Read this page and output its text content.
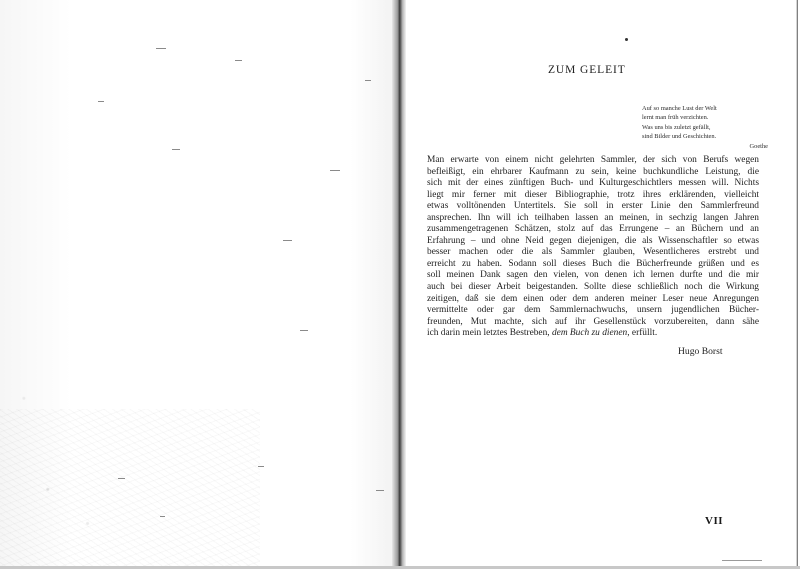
ZUM GELEIT
Auf so manche Lust der Welt
lernt man früh verzichten.
Was uns bis zuletzt gefällt,
sind Bilder und Geschichten.
Goethe
Man erwarte von einem nicht gelehrten Sammler, der sich von Berufs wegen
befleißigt, ein ehrbarer Kaufmann zu sein, keine buchkundliche Leistung, die
sich mit der eines zünftigen Buch- und Kulturgeschichtlers messen will. Nichts
liegt mir ferner mit dieser Bibliographie, trotz ihres erklärenden, vielleicht
etwas volltönenden Untertitels. Sie soll in erster Linie den Sammlerfreund
ansprechen. Ihn will ich teilhaben lassen an meinen, in sechzig langen Jahren
zusammengetragenen Schätzen, stolz auf das Errungene – an Büchern und an
Erfahrung – und ohne Neid gegen diejenigen, die als Wissenschaftler so etwas
besser machen oder die als Sammler glauben, Wesentlicheres erstrebt und
erreicht zu haben. Sodann soll dieses Buch die Bücherfreunde grüßen und es
soll meinen Dank sagen den vielen, von denen ich lernen durfte und die mir
auch bei dieser Arbeit beigestanden. Sollte diese schließlich noch die Wirkung
zeitigen, daß sie dem einen oder dem anderen meiner Leser neue Anregungen
vermittelte oder gar dem Sammlernachwuchs, unsern jugendlichen Bücher-
freunden, Mut machte, sich auf ihr Gesellenstück vorzubereiten, dann sähe
ich darin mein letztes Bestreben, dem Buch zu dienen, erfüllt.
Hugo Borst
VII
